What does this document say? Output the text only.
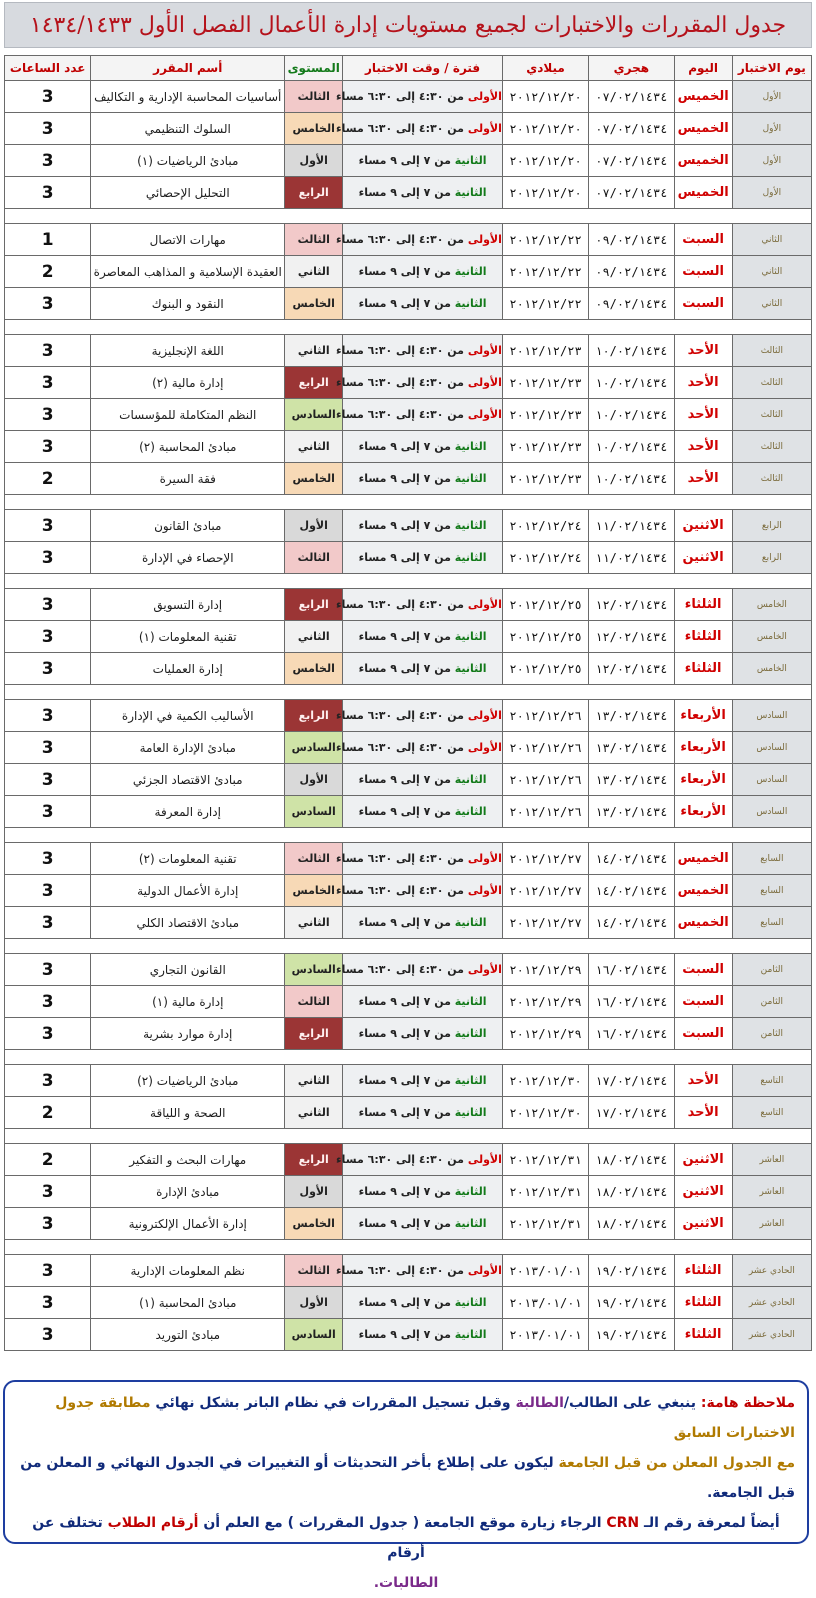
جدول المقررات والاختبارات لجميع مستويات إدارة الأعمال الفصل الأول ١٤٣٤/١٤٣٣
يوم الاختبار	اليوم	هجري	ميلادي	فترة / وقت الاختبار	المستوى	أسم المقرر	عدد الساعات
الأول	الخميس	٠٧/٠٢/١٤٣٤	٢٠١٢/١٢/٢٠	الأولى من ٤:٣٠ إلى ٦:٣٠ مساء	الثالث	أساسيات المحاسبة الإدارية و التكاليف	3
الأول	الخميس	٠٧/٠٢/١٤٣٤	٢٠١٢/١٢/٢٠	الأولى من ٤:٣٠ إلى ٦:٣٠ مساء	الخامس	السلوك التنظيمي	3
الأول	الخميس	٠٧/٠٢/١٤٣٤	٢٠١٢/١٢/٢٠	الثانية من ٧ إلى ٩ مساء	الأول	مبادئ الرياضيات (١)	3
الأول	الخميس	٠٧/٠٢/١٤٣٤	٢٠١٢/١٢/٢٠	الثانية من ٧ إلى ٩ مساء	الرابع	التحليل الإحصائي	3

الثاني	السبت	٠٩/٠٢/١٤٣٤	٢٠١٢/١٢/٢٢	الأولى من ٤:٣٠ إلى ٦:٣٠ مساء	الثالث	مهارات الاتصال	1
الثاني	السبت	٠٩/٠٢/١٤٣٤	٢٠١٢/١٢/٢٢	الثانية من ٧ إلى ٩ مساء	الثاني	العقيدة الإسلامية و المذاهب المعاصرة	2
الثاني	السبت	٠٩/٠٢/١٤٣٤	٢٠١٢/١٢/٢٢	الثانية من ٧ إلى ٩ مساء	الخامس	النقود و البنوك	3

الثالث	الأحد	١٠/٠٢/١٤٣٤	٢٠١٢/١٢/٢٣	الأولى من ٤:٣٠ إلى ٦:٣٠ مساء	الثاني	اللغة الإنجليزية	3
الثالث	الأحد	١٠/٠٢/١٤٣٤	٢٠١٢/١٢/٢٣	الأولى من ٤:٣٠ إلى ٦:٣٠ مساء	الرابع	إدارة مالية (٢)	3
الثالث	الأحد	١٠/٠٢/١٤٣٤	٢٠١٢/١٢/٢٣	الأولى من ٤:٣٠ إلى ٦:٣٠ مساء	السادس	النظم المتكاملة للمؤسسات	3
الثالث	الأحد	١٠/٠٢/١٤٣٤	٢٠١٢/١٢/٢٣	الثانية من ٧ إلى ٩ مساء	الثاني	مبادئ المحاسبة (٢)	3
الثالث	الأحد	١٠/٠٢/١٤٣٤	٢٠١٢/١٢/٢٣	الثانية من ٧ إلى ٩ مساء	الخامس	فقة السيرة	2

الرابع	الاثنين	١١/٠٢/١٤٣٤	٢٠١٢/١٢/٢٤	الثانية من ٧ إلى ٩ مساء	الأول	مبادئ القانون	3
الرابع	الاثنين	١١/٠٢/١٤٣٤	٢٠١٢/١٢/٢٤	الثانية من ٧ إلى ٩ مساء	الثالث	الإحصاء في الإدارة	3

الخامس	الثلثاء	١٢/٠٢/١٤٣٤	٢٠١٢/١٢/٢٥	الأولى من ٤:٣٠ إلى ٦:٣٠ مساء	الرابع	إدارة التسويق	3
الخامس	الثلثاء	١٢/٠٢/١٤٣٤	٢٠١٢/١٢/٢٥	الثانية من ٧ إلى ٩ مساء	الثاني	تقنية المعلومات (١)	3
الخامس	الثلثاء	١٢/٠٢/١٤٣٤	٢٠١٢/١٢/٢٥	الثانية من ٧ إلى ٩ مساء	الخامس	إدارة العمليات	3

السادس	الأربعاء	١٣/٠٢/١٤٣٤	٢٠١٢/١٢/٢٦	الأولى من ٤:٣٠ إلى ٦:٣٠ مساء	الرابع	الأساليب الكمية في الإدارة	3
السادس	الأربعاء	١٣/٠٢/١٤٣٤	٢٠١٢/١٢/٢٦	الأولى من ٤:٣٠ إلى ٦:٣٠ مساء	السادس	مبادئ الإدارة العامة	3
السادس	الأربعاء	١٣/٠٢/١٤٣٤	٢٠١٢/١٢/٢٦	الثانية من ٧ إلى ٩ مساء	الأول	مبادئ الاقتصاد الجزئي	3
السادس	الأربعاء	١٣/٠٢/١٤٣٤	٢٠١٢/١٢/٢٦	الثانية من ٧ إلى ٩ مساء	السادس	إدارة المعرفة	3

السابع	الخميس	١٤/٠٢/١٤٣٤	٢٠١٢/١٢/٢٧	الأولى من ٤:٣٠ إلى ٦:٣٠ مساء	الثالث	تقنية المعلومات (٢)	3
السابع	الخميس	١٤/٠٢/١٤٣٤	٢٠١٢/١٢/٢٧	الأولى من ٤:٣٠ إلى ٦:٣٠ مساء	الخامس	إدارة الأعمال الدولية	3
السابع	الخميس	١٤/٠٢/١٤٣٤	٢٠١٢/١٢/٢٧	الثانية من ٧ إلى ٩ مساء	الثاني	مبادئ الاقتصاد الكلي	3

الثامن	السبت	١٦/٠٢/١٤٣٤	٢٠١٢/١٢/٢٩	الأولى من ٤:٣٠ إلى ٦:٣٠ مساء	السادس	القانون التجاري	3
الثامن	السبت	١٦/٠٢/١٤٣٤	٢٠١٢/١٢/٢٩	الثانية من ٧ إلى ٩ مساء	الثالث	إدارة مالية (١)	3
الثامن	السبت	١٦/٠٢/١٤٣٤	٢٠١٢/١٢/٢٩	الثانية من ٧ إلى ٩ مساء	الرابع	إدارة موارد بشرية	3

التاسع	الأحد	١٧/٠٢/١٤٣٤	٢٠١٢/١٢/٣٠	الثانية من ٧ إلى ٩ مساء	الثاني	مبادئ الرياضيات (٢)	3
التاسع	الأحد	١٧/٠٢/١٤٣٤	٢٠١٢/١٢/٣٠	الثانية من ٧ إلى ٩ مساء	الثاني	الصحة و اللياقة	2

العاشر	الاثنين	١٨/٠٢/١٤٣٤	٢٠١٢/١٢/٣١	الأولى من ٤:٣٠ إلى ٦:٣٠ مساء	الرابع	مهارات البحث و التفكير	2
العاشر	الاثنين	١٨/٠٢/١٤٣٤	٢٠١٢/١٢/٣١	الثانية من ٧ إلى ٩ مساء	الأول	مبادئ الإدارة	3
العاشر	الاثنين	١٨/٠٢/١٤٣٤	٢٠١٢/١٢/٣١	الثانية من ٧ إلى ٩ مساء	الخامس	إدارة الأعمال الإلكترونية	3

الحادي عشر	الثلثاء	١٩/٠٢/١٤٣٤	٢٠١٣/٠١/٠١	الأولى من ٤:٣٠ إلى ٦:٣٠ مساء	الثالث	نظم المعلومات الإدارية	3
الحادي عشر	الثلثاء	١٩/٠٢/١٤٣٤	٢٠١٣/٠١/٠١	الثانية من ٧ إلى ٩ مساء	الأول	مبادئ المحاسبة (١)	3
الحادي عشر	الثلثاء	١٩/٠٢/١٤٣٤	٢٠١٣/٠١/٠١	الثانية من ٧ إلى ٩ مساء	السادس	مبادئ التوريد	3

ملاحظة هامة: ينبغي على الطالب/الطالبة وقبل تسجيل المقررات في نظام البانر بشكل نهائي مطابقة جدول الاختبارات السابق

مع الجدول المعلن من قبل الجامعة ليكون على إطلاع بأخر التحديثات أو التغييرات في الجدول النهائي و المعلن من قبل الجامعة.

أيضاً لمعرفة رقم الـ CRN الرجاء زيارة موقع الجامعة ( جدول المقررات ) مع العلم أن أرقام الطلاب تختلف عن أرقام

الطالبات.
